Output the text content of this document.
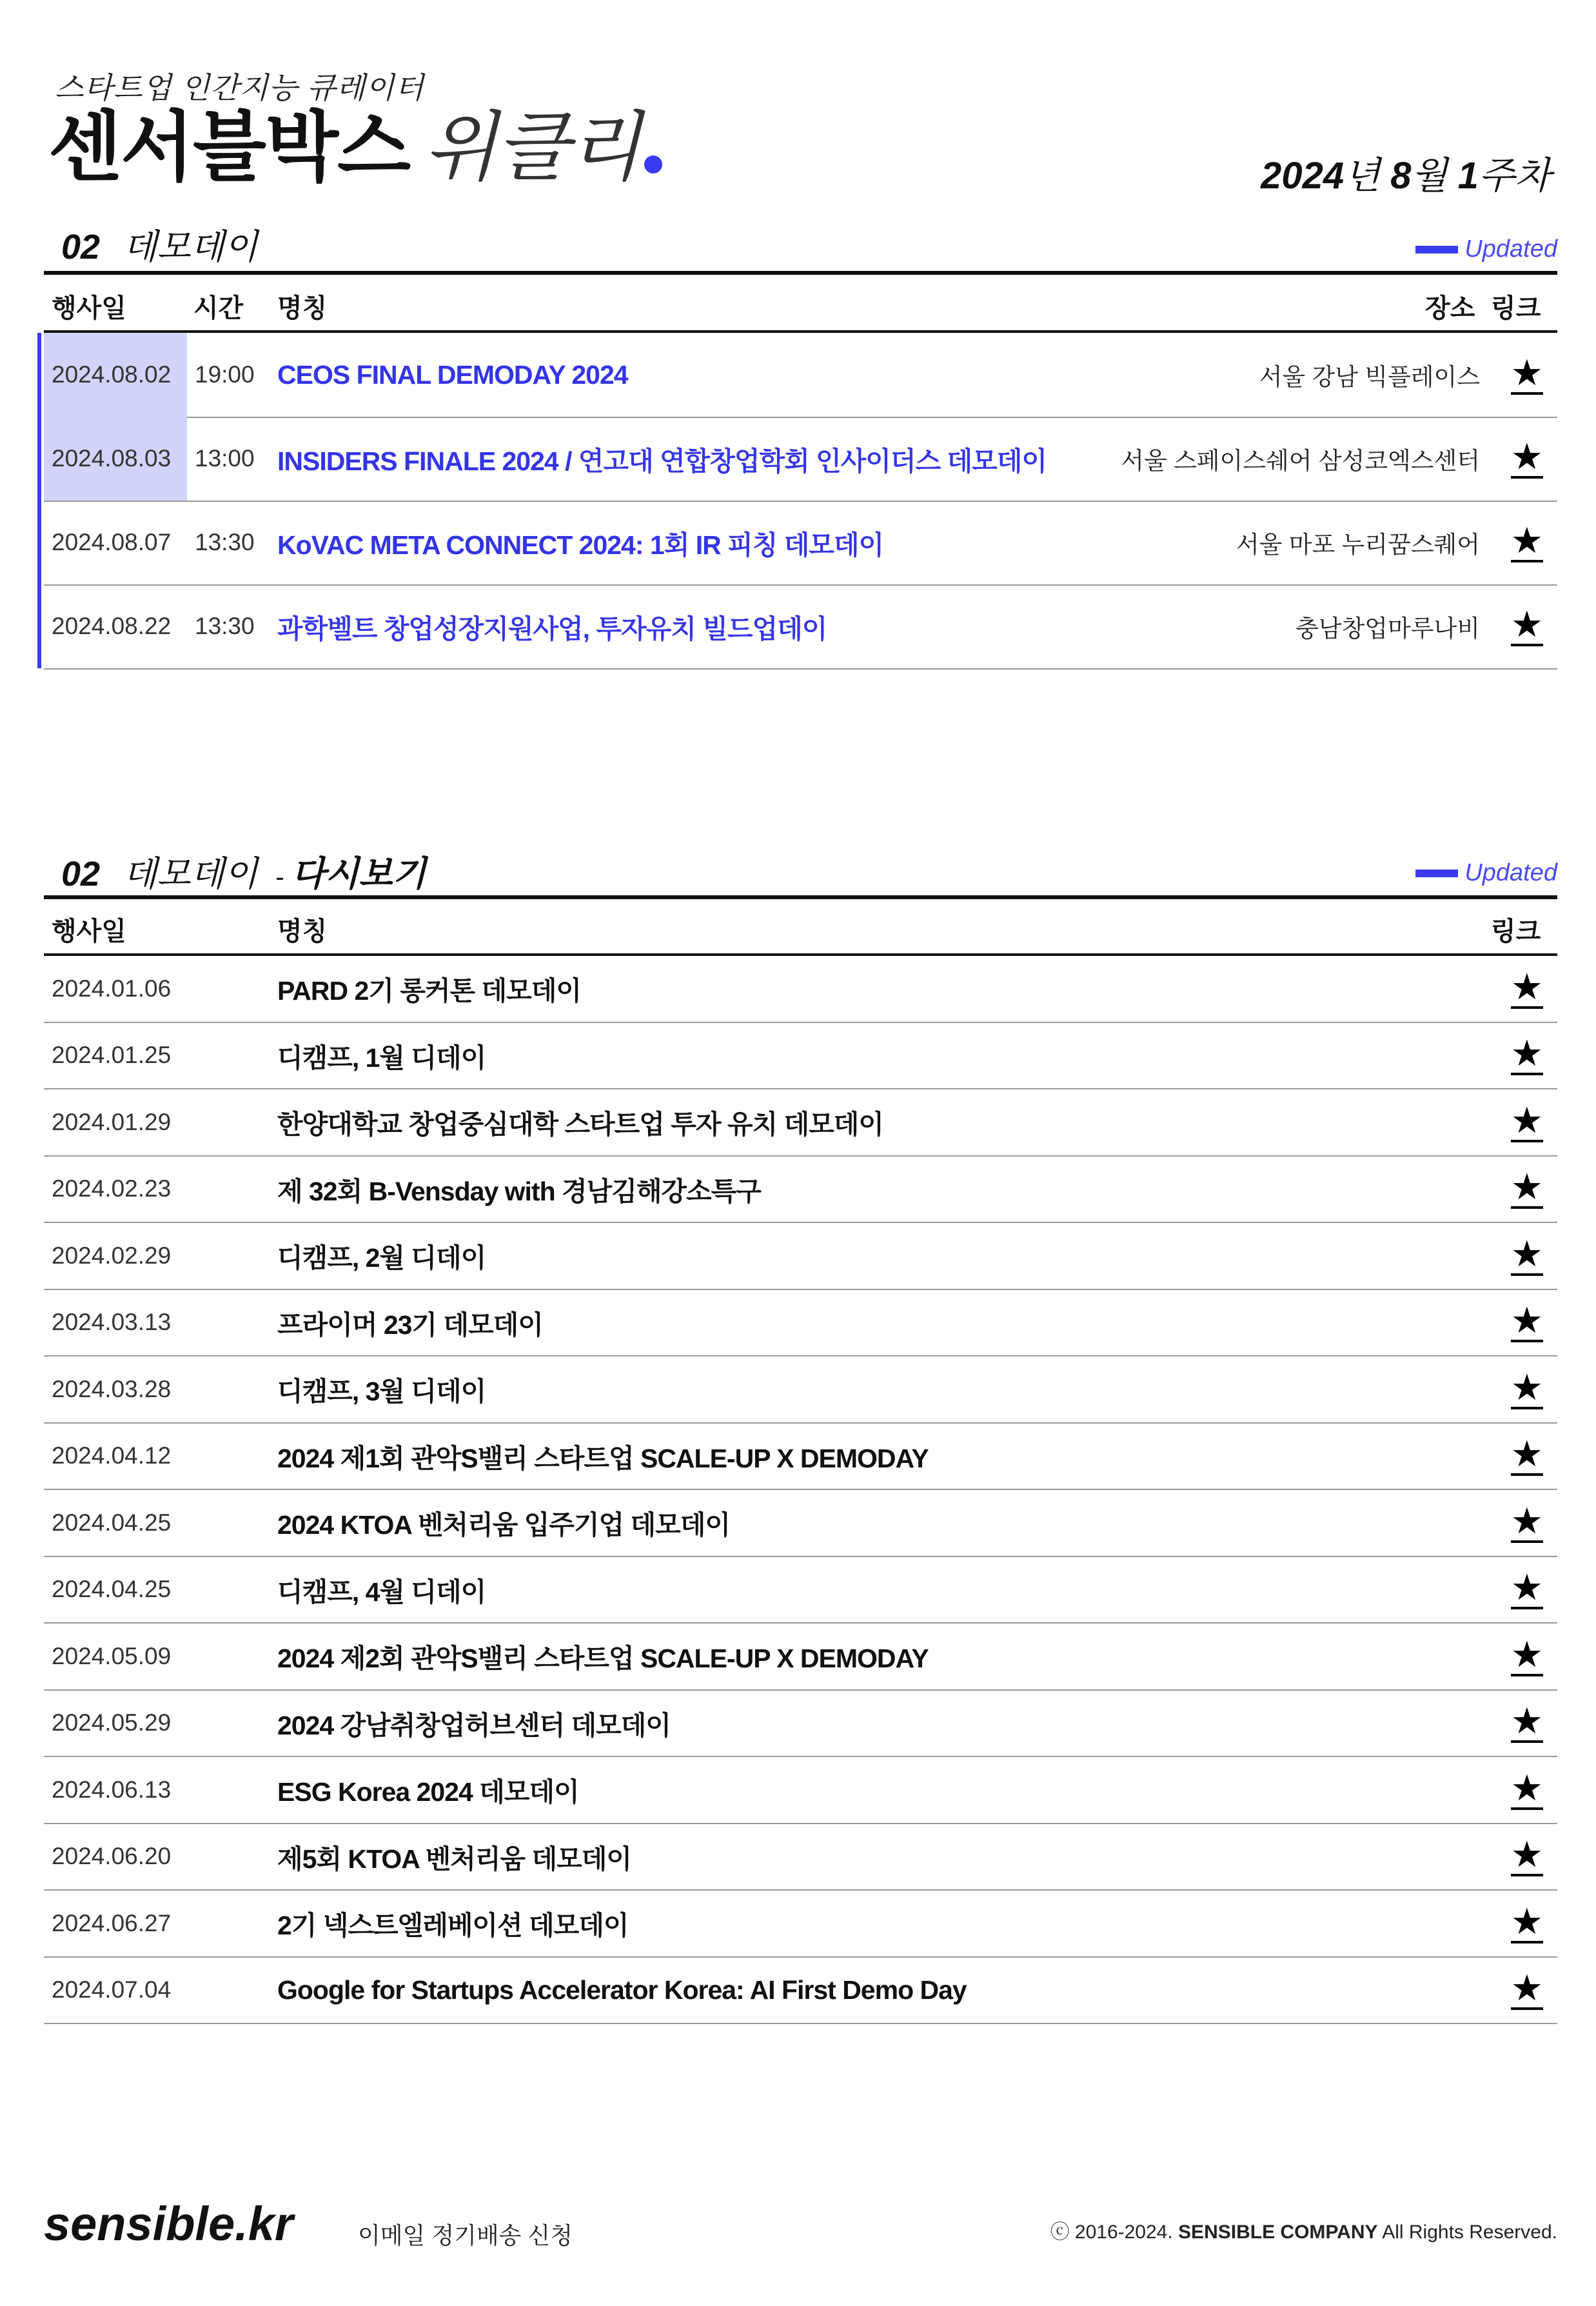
스타트업 인간지능 큐레이터
센서블박스 위클리	2024년 8월 1주차
02 데모데이	Updated
행사일	시간 명칭	장소 링크
2024.08.02 19:00 CEOS FINAL DEMODAY 2024	서울 강남 빅플레이스 ★
2024.08.03 13:00 INSIDERS FINALE 2024 / 연고대 연합창업학회 인사이더스 데모데이	서울 스페이스쉐어 삼성코엑스센터 ★
2024.08.07 13:30 KoVAC META CONNECT 2024: 1회 IR 피칭 데모데이	서울 마포 누리꿈스퀘어 ★
2024.08.22 13:30 과학벨트 창업성장지원사업, 투자유치 빌드업데이	충남창업마루나비 ★
02 데모데이 - 다시보기	Updated
행사일	명칭	링크
2024.01.06	PARD 2기 롱커톤 데모데이	★
2024.01.25	디캠프, 1월 디데이	★
2024.01.29	한양대학교 창업중심대학 스타트업 투자 유치 데모데이	★
2024.02.23	제 32회 B-Vensday with 경남김해강소특구	★
2024.02.29	디캠프, 2월 디데이	★
2024.03.13	프라이머 23기 데모데이	★
2024.03.28	디캠프, 3월 디데이	★
2024.04.12	2024 제1회 관악S밸리 스타트업 SCALE-UP X DEMODAY	★
2024.04.25	2024 KTOA 벤처리움 입주기업 데모데이	★
2024.04.25	디캠프, 4월 디데이	★
2024.05.09	2024 제2회 관악S밸리 스타트업 SCALE-UP X DEMODAY	★
2024.05.29	2024 강남취창업허브센터 데모데이	★
2024.06.13	ESG Korea 2024 데모데이	★
2024.06.20	제5회 KTOA 벤처리움 데모데이	★
2024.06.27	2기 넥스트엘레베이션 데모데이	★
2024.07.04	Google for Startups Accelerator Korea: AI First Demo Day	★
sensible.kr	이메일 정기배송 신청	ⓒ 2016-2024. SENSIBLE COMPANY All Rights Reserved.
